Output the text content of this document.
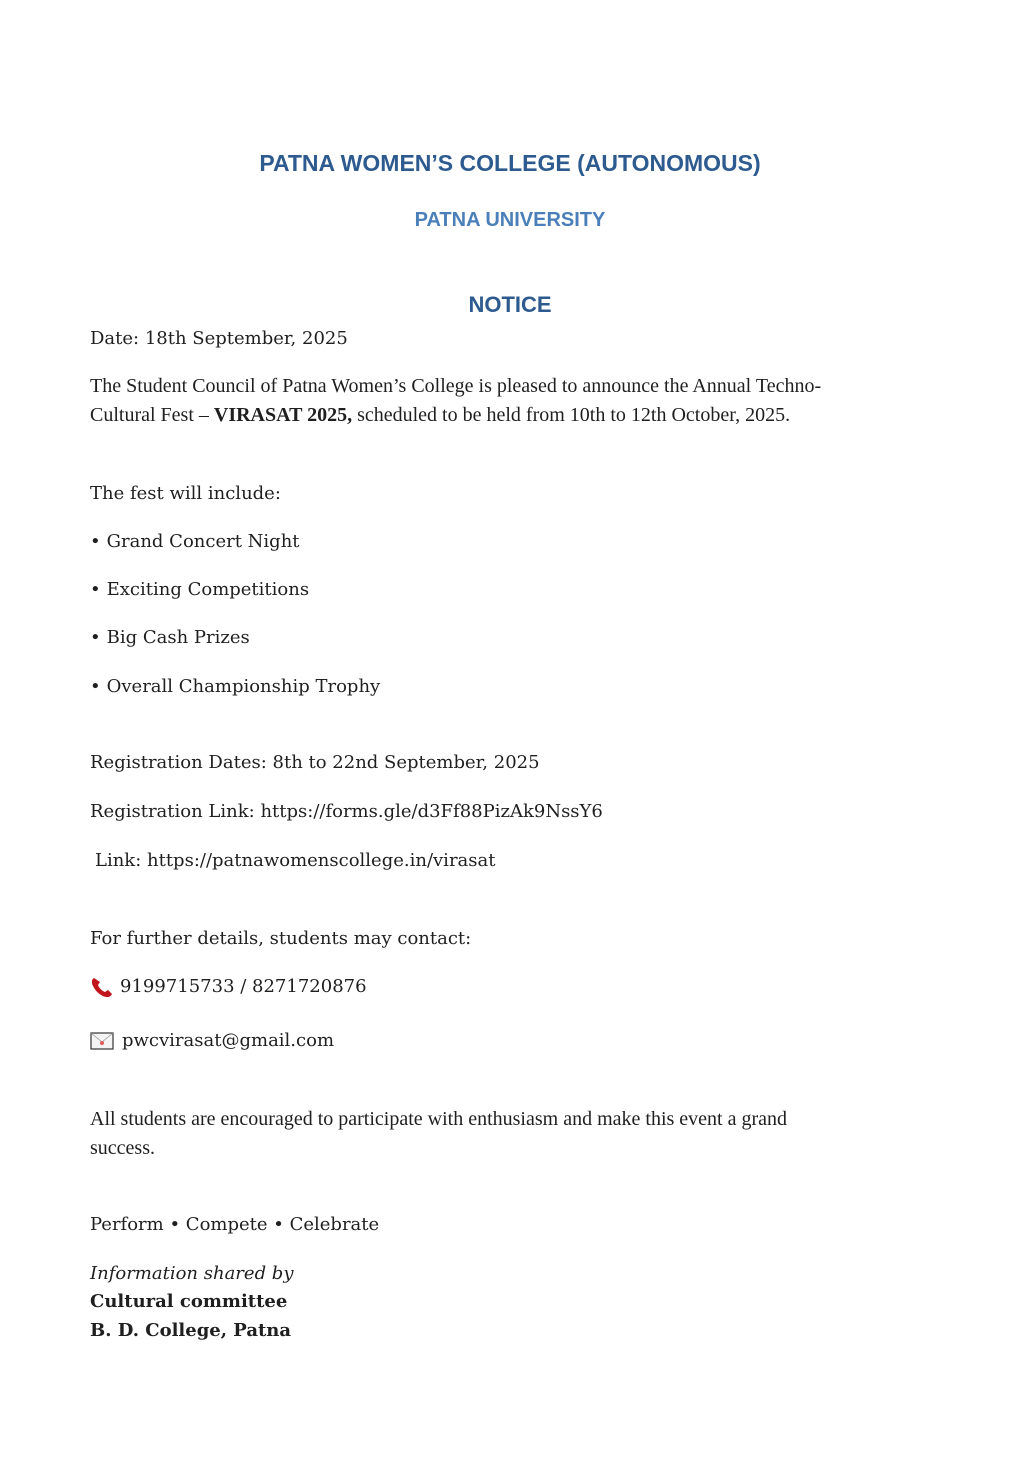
PATNA WOMEN’S COLLEGE (AUTONOMOUS)
PATNA UNIVERSITY
NOTICE
Date: 18th September, 2025
The Student Council of Patna Women’s College is pleased to announce the Annual Techno-
Cultural Fest – VIRASAT 2025, scheduled to be held from 10th to 12th October, 2025.
The fest will include:
• Grand Concert Night
• Exciting Competitions
• Big Cash Prizes
• Overall Championship Trophy
Registration Dates: 8th to 22nd September, 2025
Registration Link: https://forms.gle/d3Ff88PizAk9NssY6
Link: https://patnawomenscollege.in/virasat
For further details, students may contact:
9199715733 / 8271720876
pwcvirasat@gmail.com
All students are encouraged to participate with enthusiasm and make this event a grand
success.
Perform • Compete • Celebrate
Information shared by
Cultural committee
B. D. College, Patna
